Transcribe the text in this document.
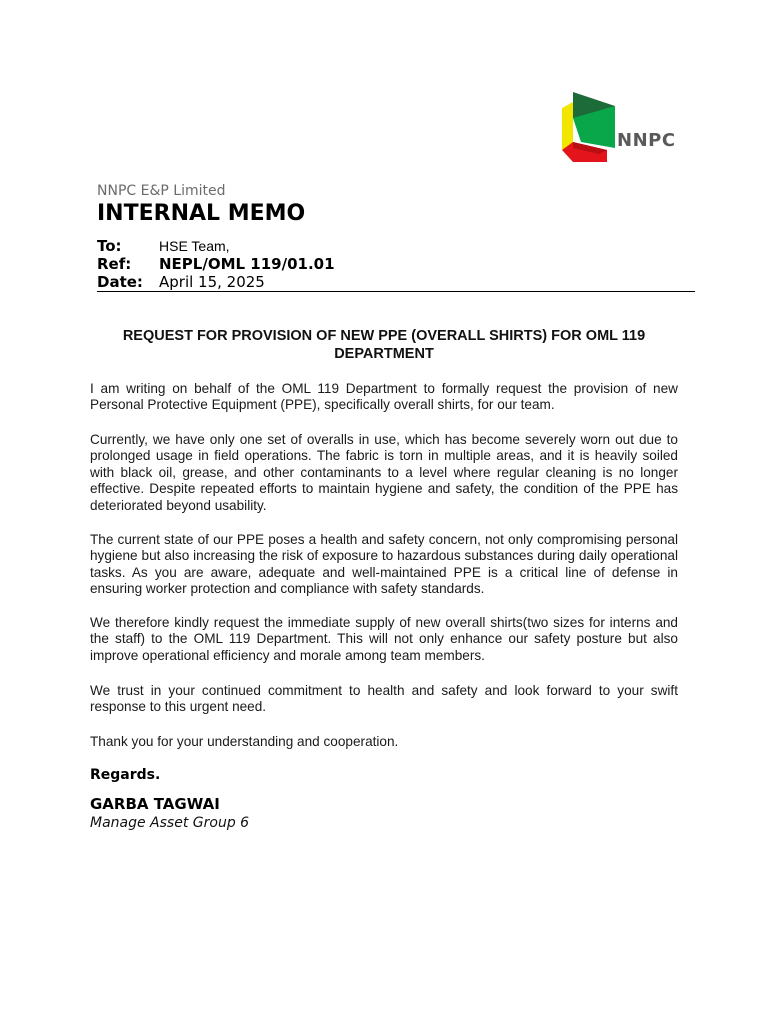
NNPC
NNPC E&P Limited
INTERNAL MEMO
To:	HSE Team,
Ref: NEPL/OML 119/01.01
Date: April 15, 2025
REQUEST FOR PROVISION OF NEW PPE (OVERALL SHIRTS) FOR OML 119 DEPARTMENT

I am writing on behalf of the OML 119 Department to formally request the provision of new Personal Protective Equipment (PPE), specifically overall shirts, for our team.

Currently, we have only one set of overalls in use, which has become severely worn out due to prolonged usage in field operations. The fabric is torn in multiple areas, and it is heavily soiled with black oil, grease, and other contaminants to a level where regular cleaning is no longer effective. Despite repeated efforts to maintain hygiene and safety, the condition of the PPE has deteriorated beyond usability.

The current state of our PPE poses a health and safety concern, not only compromising personal hygiene but also increasing the risk of exposure to hazardous substances during daily operational tasks. As you are aware, adequate and well-maintained PPE is a critical line of defense in ensuring worker protection and compliance with safety standards.

We therefore kindly request the immediate supply of new overall shirts(two sizes for interns and the staff) to the OML 119 Department. This will not only enhance our safety posture but also improve operational efficiency and morale among team members.

We trust in your continued commitment to health and safety and look forward to your swift response to this urgent need.

Thank you for your understanding and cooperation.

Regards.
GARBA TAGWAI
Manage Asset Group 6
